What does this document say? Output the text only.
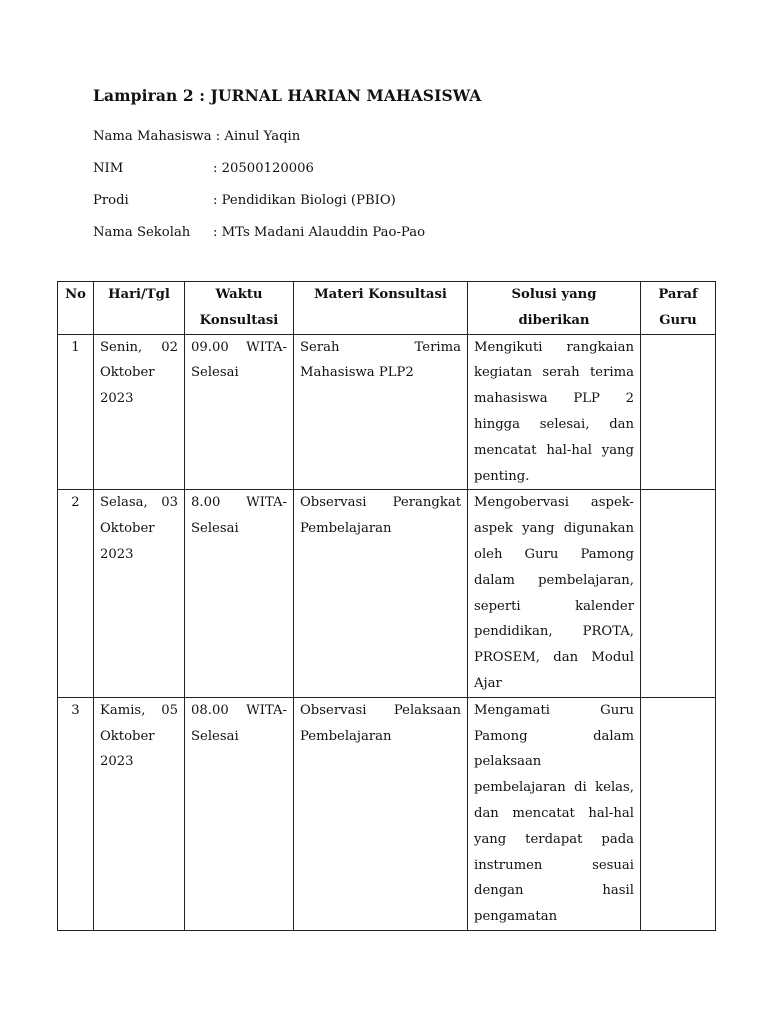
Lampiran 2 : JURNAL HARIAN MAHASISWA
Nama Mahasiswa : Ainul Yaqin
NIM	: 20500120006
Prodi	: Pendidikan Biologi (PBIO)
Nama Sekolah	: MTs Madani Alauddin Pao-Pao
No	Hari/Tgl	Waktu Konsultasi	Materi Konsultasi	Solusi yang diberikan	Paraf Guru
1	Senin, 02 Oktober 2023	09.00 WITA-Selesai	Serah Terima Mahasiswa PLP2	Mengikuti rangkaian kegiatan serah terima mahasiswa PLP 2 hingga selesai, dan mencatat hal-hal yang penting.	
2	Selasa, 03 Oktober 2023	8.00 WITA-Selesai	Observasi Perangkat Pembelajaran	Mengobervasi aspek-aspek yang digunakan oleh Guru Pamong dalam pembelajaran, seperti kalender pendidikan, PROTA, PROSEM, dan Modul Ajar	
3	Kamis, 05 Oktober 2023	08.00 WITA-Selesai	Observasi Pelaksaan Pembelajaran	Mengamati Guru Pamong dalam pelaksaan pembelajaran di kelas, dan mencatat hal-hal yang terdapat pada instrumen sesuai dengan hasil pengamatan	
